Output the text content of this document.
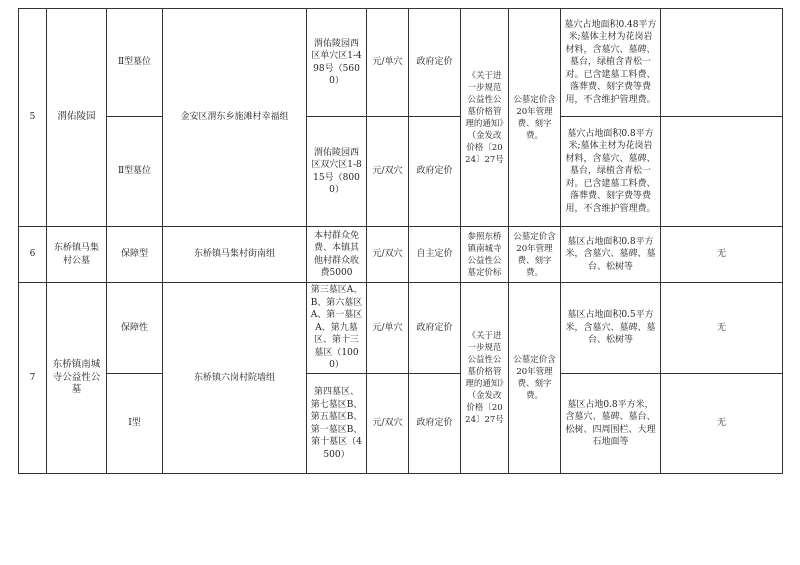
5	渭佑陵园	Ⅱ型墓位	金安区渭东乡施滩村幸福组	渭佑陵园西区单穴区1-498号（5600）	元/单穴	政府定价	《关于进一步规范公益性公墓价格管理的通知》（金发改价格〔2024〕27号	公墓定价含20年管理费、刻字费。	墓穴占地面积0.48平方米;墓体主材为花岗岩材料，含墓穴、墓碑、墓台，绿植含青松一对。已含建墓工料费、落葬费、刻字费等费用，不含维护管理费。	
		Ⅱ型墓位		渭佑陵园西区双穴区1-815号（8000）	元/双穴	政府定价			墓穴占地面积0.8平方米;墓体主材为花岗岩材料，含墓穴、墓碑、墓台，绿植含青松一对。已含建墓工料费、落葬费、刻字费等费用，不含维护管理费。	
6	东桥镇马集村公墓	保障型	东桥镇马集村街南组	本村群众免费、本镇其他村群众收费5000	元/双穴	自主定价	参照东桥镇南城寺公益性公墓定价标	公墓定价含20年管理费、刻字费。	墓区占地面积0.8平方米，含墓穴、墓碑、墓台、松树等	无
7	东桥镇南城寺公益性公墓	保障性	东桥镇六岗村院墙组	第三墓区A、B、第六墓区A、第一墓区A、第九墓区、第十三墓区（1000）	元/单穴	政府定价	《关于进一步规范公益性公墓价格管理的通知》（金发改价格〔2024〕27号	公墓定价含20年管理费、刻字费。	墓区占地面积0.5平方米，含墓穴、墓碑、墓台、松树等	无
		Ⅰ型		第四墓区、第七墓区B、第五墓区B、第一墓区B、第十墓区（4500）	元/双穴	政府定价			墓区占地0.8平方米，含墓穴、墓碑、墓台、松树、四周围栏、大理石地面等	无
